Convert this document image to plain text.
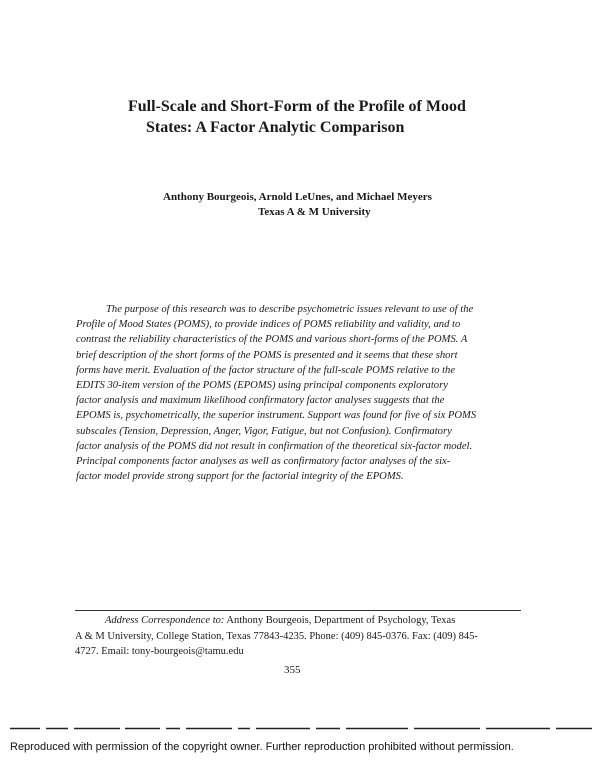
Full-Scale and Short-Form of the Profile of Mood
States: A Factor Analytic Comparison
Anthony Bourgeois, Arnold LeUnes, and Michael Meyers
Texas A & M University
The purpose of this research was to describe psychometric issues relevant to use of the
Profile of Mood States (POMS), to provide indices of POMS reliability and validity, and to
contrast the reliability characteristics of the POMS and various short-forms of the POMS. A
brief description of the short forms of the POMS is presented and it seems that these short
forms have merit. Evaluation of the factor structure of the full-scale POMS relative to the
EDITS 30-item version of the POMS (EPOMS) using principal components exploratory
factor analysis and maximum likelihood confirmatory factor analyses suggests that the
EPOMS is, psychometrically, the superior instrument. Support was found for five of six POMS
subscales (Tension, Depression, Anger, Vigor, Fatigue, but not Confusion). Confirmatory
factor analysis of the POMS did not result in confirmation of the theoretical six-factor model.
Principal components factor analyses as well as confirmatory factor analyses of the six-
factor model provide strong support for the factorial integrity of the EPOMS.
Address Correspondence to: Anthony Bourgeois, Department of Psychology, Texas
A & M University, College Station, Texas 77843-4235. Phone: (409) 845-0376. Fax: (409) 845-
4727. Email: tony-bourgeois@tamu.edu
355
Reproduced with permission of the copyright owner. Further reproduction prohibited without permission.
